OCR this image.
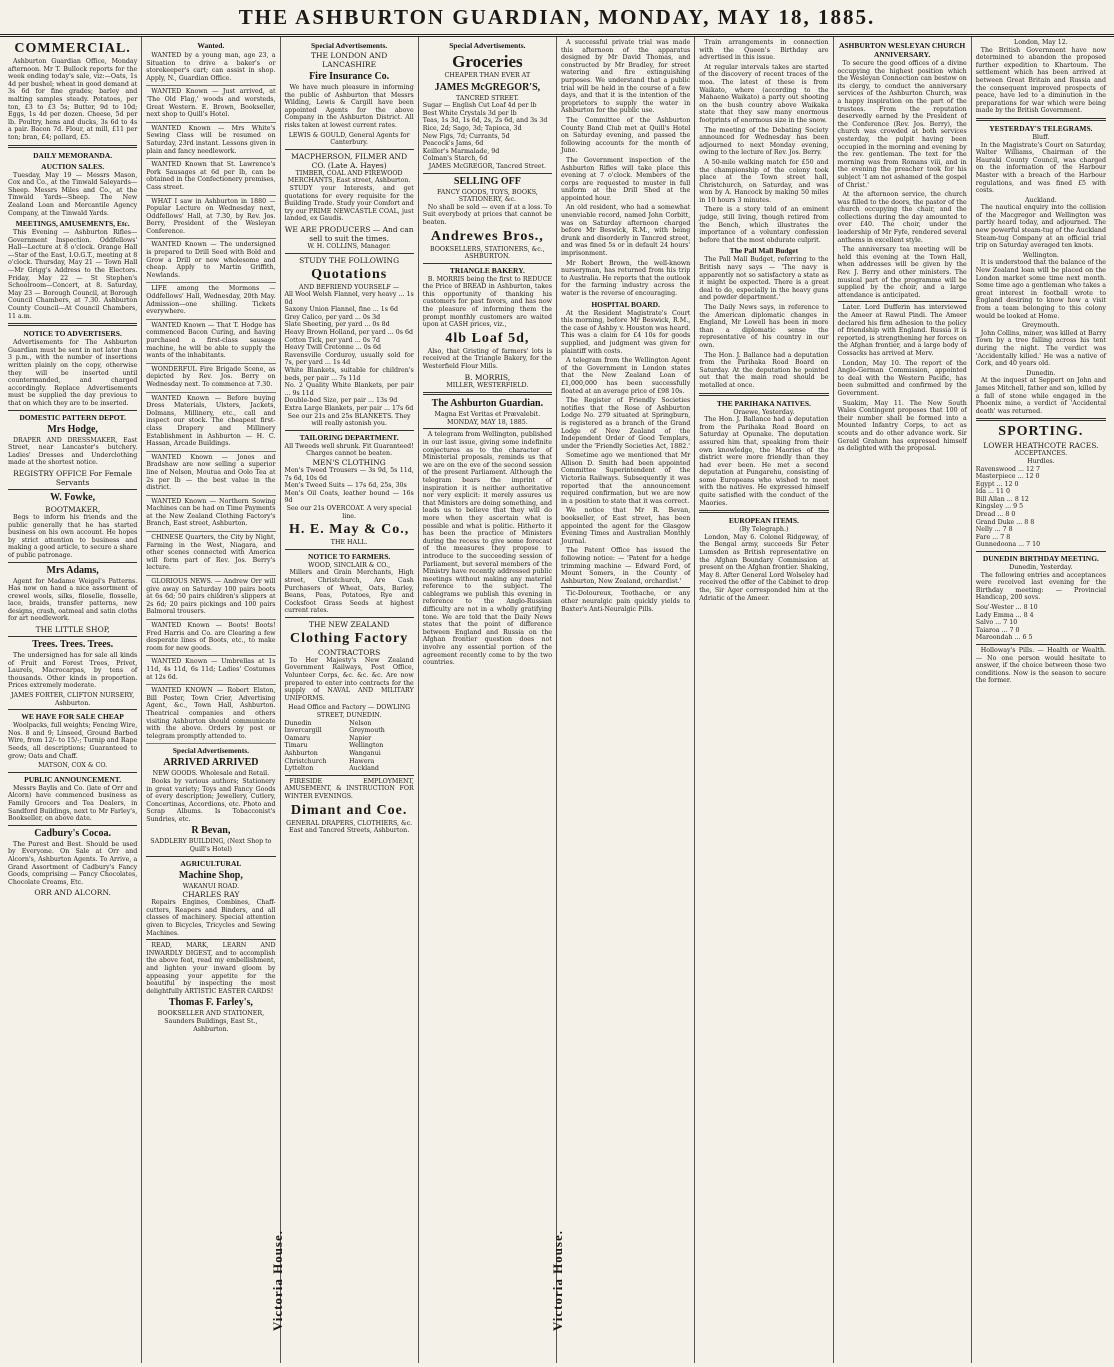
THE ASHBURTON GUARDIAN, MONDAY, MAY 18, 1885.
COMMERCIAL.

Ashburton Guardian Office, Monday afternoon. Mr T. Bullock reports for the week ending today's sale, viz:—Oats, 1s 4d per bushel; wheat in good demand at 3s 6d for fine grades; barley and malting samples steady. Potatoes, per ton, £3 to £3 5s; Butter, 9d to 10d; Eggs, 1s 4d per dozen. Cheese, 5d per lb. Poultry, hens and ducks, 3s 6d to 4s a pair. Bacon 7d. Flour, at mill, £11 per ton; bran, £4; pollard, £5.

DAILY MEMORANDA.
AUCTION SALES.

Tuesday, May 19 — Messrs Mason, Cox and Co., at the Tinwald Saleyards—Sheep. Messrs Miles and Co., at the Tinwald Yards—Sheep. The New Zealand Loan and Mercantile Agency Company, at the Tinwald Yards.

MEETINGS, AMUSEMENTS, Etc.

This Evening — Ashburton Rifles—Government Inspection. Oddfellows' Hall—Lecture at 8 o'clock. Orange Hall—Star of the East, I.O.G.T., meeting at 8 o'clock. Thursday, May 21 — Town Hall—Mr Grigg's Address to the Electors. Friday, May 22 — St Stephen's Schoolroom—Concert, at 8. Saturday, May 23 — Borough Council, at Borough Council Chambers, at 7.30. Ashburton County Council—At Council Chambers, 11 a.m.

NOTICE TO ADVERTISERS.

Advertisements for The Ashburton Guardian must be sent in not later than 3 p.m., with the number of insertions written plainly on the copy, otherwise they will be inserted until countermanded, and charged accordingly. Replace Advertisements must be supplied the day previous to that on which they are to be inserted.

DOMESTIC PATTERN DEPOT.
Mrs Hodge,

DRAPER AND DRESSMAKER, East Street, near Lancaster's butchery. Ladies' Dresses and Underclothing made at the shortest notice.

REGISTRY OFFICE For Female Servants
W. Fowke,
BOOTMAKER,

Begs to inform his friends and the public generally that he has started business on his own account. He hopes by strict attention to business and making a good article, to secure a share of public patronage.

Mrs Adams,

Agent for Madame Weigel's Patterns. Has now on hand a nice assortment of crewel wools, silks, filoselle, flosselle, lace, braids, transfer patterns, new designs, crash, oatmeal and satin cloths for art needlework.

THE LITTLE SHOP,
Trees. Trees. Trees.

The undersigned has for sale all kinds of Fruit and Forest Trees, Privet, Laurels, Macrocarpas, by tens of thousands. Other kinds in proportion. Prices extremely moderate.

JAMES FORTER, CLIFTON NURSERY, Ashburton.
WE HAVE FOR SALE CHEAP

Woolpacks, full weights; Fencing Wire, Nos. 8 and 9; Linseed, Ground Barbed Wire, from 12/- to 15/-; Turnip and Rape Seeds, all descriptions; Guaranteed to grow; Oats and Chaff.

MATSON, COX & CO.
PUBLIC ANNOUNCEMENT.

Messrs Baylis and Co. (late of Orr and Alcorn) have commenced business as Family Grocers and Tea Dealers, in Sandford Buildings, next to Mr Farley's, Bookseller, on above date.

Cadbury's Cocoa.

The Purest and Best. Should be used by Everyone. On Sale at Orr and Alcorn's, Ashburton Agents. To Arrive, a Grand Assortment of Cadbury's Fancy Goods, comprising — Fancy Chocolates, Chocolate Creams, Etc.

ORR AND ALCORN.
Wanted.

WANTED by a young man, age 23, a Situation to drive a baker's or storekeeper's cart; can assist in shop. Apply, N., Guardian Office.

WANTED Known — Just arrived, at 'The Old Flag,' woods and worsteds, Great Western. E. Brown, Bookseller, next shop to Quill's Hotel.

WANTED Known — Mrs White's Sewing Class will be resumed on Saturday, 23rd instant. Lessons given in plain and fancy needlework.

WANTED Known that St. Lawrence's Pork Sausages at 6d per lb, can be obtained in the Confectionery premises, Cass street.

WHAT I saw in Ashburton in 1880 — Popular Lecture on Wednesday next, Oddfellows' Hall, at 7.30, by Rev. Jos. Berry, President of the Wesleyan Conference.

WANTED Known — The undersigned is prepared to Drill Seed with Bold and Grow a Drill or new wholesome and cheap. Apply to Martin Griffith, Newlands.

LIFE among the Mormons — Oddfellows' Hall, Wednesday, 20th May. Admission—one shilling. Tickets everywhere.

WANTED Known — That T. Hodge has commenced Bacon Curing, and having purchased a first-class sausage machine, he will be able to supply the wants of the inhabitants.

WONDERFUL Fire Brigade Scene, as depicted by Rev. Jos. Berry on Wednesday next. To commence at 7.30.

WANTED Known — Before buying Dress Materials, Ulsters, Jackets, Dolmans, Millinery, etc., call and inspect our stock. The cheapest first-class Drapery and Millinery Establishment in Ashburton — H. C. Hassan, Arcade Buildings.

WANTED Known — Jones and Bradshaw are now selling a superior line of Nelson, Moutua and Oolo Tea at 2s per lb — the best value in the district.

WANTED Known — Northern Sowing Machines can be had on Time Payments at the New Zealand Clothing Factory's Branch, East street, Ashburton.

CHINESE Quarters, the City by Night, Farming in the West, Niagara, and other scenes connected with America will form part of Rev. Jos. Berry's lecture.

GLORIOUS NEWS. — Andrew Orr will give away on Saturday 100 pairs boots at 6s 6d; 50 pairs children's slippers at 2s 6d; 20 pairs pickings and 100 pairs Balmoral trousers.

WANTED Known — Boots! Boots! Fred Harris and Co. are Clearing a few desperate lines of Boots, etc., to make room for new goods.

WANTED Known — Umbrellas at 1s 11d, 4s 11d, 6s 11d; Ladies' Costumes at 12s 6d.

WANTED KNOWN — Robert Elston, Bill Poster, Town Crier, Advertising Agent, &c., Town Hall, Ashburton. Theatrical companies and others visiting Ashburton should communicate with the above. Orders by post or telegram promptly attended to.

Special Advertisements.
ARRIVED ARRIVED
NEW GOODS. Wholesale and Retail.

Books by various authors; Stationery in great variety; Toys and Fancy Goods of every description; Jewellery, Cutlery, Concertinas, Accordions, etc. Photo and Scrap Albums. Is Tobacconist's Sundries, etc.

R Bevan,
SADDLERY BUILDING, (Next Shop to Quill's Hotel)
AGRICULTURAL
Machine Shop,
WAKANUI ROAD.
CHARLES RAY

Repairs Engines, Combines, Chaff-cutters, Reapers and Binders, and all classes of machinery. Special attention given to Bicycles, Tricycles and Sewing Machines.

READ, MARK, LEARN AND INWARDLY DIGEST, and to accomplish the above feat, read my embellishment, and lighten your inward gloom by appeasing your appetite for the beautiful by inspecting the most delightfully ARTISTIC EASTER CARDS!

Thomas F. Farley's,
BOOKSELLER AND STATIONER, Saunders Buildings, East St., Ashburton.
Special Advertisements.
THE LONDON AND LANCASHIRE
Fire Insurance Co.

We have much pleasure in informing the public of Ashburton that Messrs Wilding, Lewis & Cargill have been appointed Agents for the above Company in the Ashburton District. All risks taken at lowest current rates.

LEWIS & GOULD, General Agents for Canterbury.
MACPHERSON, FILMER AND CO. (Late A. Hayes)
TIMBER, COAL AND FIREWOOD MERCHANTS, East street, Ashburton.

STUDY your Interests, and get quotations for every requisite for the Building Trade. Study your Comfort and try our PRIME NEWCASTLE COAL, just landed, ex Gaudis.

WE ARE PRODUCERS — And can sell to suit the times.
W. H. COLLINS, Manager.
STUDY THE FOLLOWING
Quotations
AND BEFRIEND YOURSELF —
All Wool Welsh Flannel, very heavy ... 1s 0d
Saxony Union Flannel, fine ... 1s 6d
Grey Calico, per yard ... 0s 3d
Slate Sheeting, per yard ... 0s 8d
Heavy Brown Holland, per yard ... 0s 6d
Cotton Tick, per yard ... 0s 7d
Heavy Twill Cretonne ... 0s 6d
Ravensville Corduroy, usually sold for 7s, per yard ... 1s 4d
White Blankets, suitable for children's beds, per pair ... 7s 11d
No. 2 Quality White Blankets, per pair ... 9s 11d
Double-bed Size, per pair ... 13s 9d
Extra Large Blankets, per pair ... 17s 6d
See our 21s and 25s BLANKETS. They will really astonish you.
TAILORING DEPARTMENT.
All Tweeds well shrunk. Fit Guaranteed! Charges cannot be beaten.
MEN'S CLOTHING
Men's Tweed Trousers — 3s 9d, 5s 11d, 7s 6d, 10s 6d
Men's Tweed Suits — 17s 6d, 25s, 30s
Men's Oil Coats, leather bound — 16s 9d
See our 21s OVERCOAT. A very special line.
H. E. May & Co.,
THE HALL.
NOTICE TO FARMERS.
WOOD, SINCLAIR & CO.,

Millers and Grain Merchants, High street, Christchurch, Are Cash Purchasers of Wheat, Oats, Barley, Beans, Peas, Potatoes, Rye and Cocksfoot Grass Seeds at highest current rates.

THE NEW ZEALAND
Clothing Factory
CONTRACTORS

To Her Majesty's New Zealand Government Railways, Post Office, Volunteer Corps, &c. &c. &c. Are now prepared to enter into contracts for the supply of NAVAL AND MILITARY UNIFORMS.

Head Office and Factory — DOWLING STREET, DUNEDIN.
Dunedin	Nelson
Invercargill	Greymouth
Oamaru	Napier
Timaru	Wellington
Ashburton	Wanganui
Christchurch	Hawera
Lyttelton	Auckland

FIRESIDE EMPLOYMENT, AMUSEMENT, & INSTRUCTION FOR WINTER EVENINGS.

Dimant and Coe.
GENERAL DRAPERS, CLOTHIERS, &c. East and Tancred Streets, Ashburton.
Special Advertisements.
Groceries
CHEAPER THAN EVER AT
JAMES McGREGOR'S,
TANCRED STREET.
Sugar — English Cut Loaf 4d per lb
Best White Crystals 3d per lb
Teas, 1s 3d, 1s 6d, 2s, 2s 6d, and 3s 3d
Rice, 2d; Sago, 3d; Tapioca, 3d
New Figs, 7d; Currants, 5d
Peacock's Jams, 6d
Keiller's Marmalade, 9d
Colman's Starch, 6d
JAMES McGREGOR, Tancred Street.
SELLING OFF
FANCY GOODS, TOYS, BOOKS, STATIONERY, &c.

No shall be sold — even if at a loss. To Suit everybody at prices that cannot be beaten.

Andrewes Bros.,
BOOKSELLERS, STATIONERS, &c., ASHBURTON.
TRIANGLE BAKERY.

B. MORRIS being the first to REDUCE the Price of BREAD in Ashburton, takes this opportunity of thanking his customers for past favors, and has now the pleasure of informing them the prompt monthly customers are waited upon at CASH prices, viz.,

4lb Loaf 5d,

Also, that Gristing of farmers' lots is received at the Triangle Bakery, for the Westerfield Flour Mills.

B. MORRIS,
MILLER, WESTERFIELD.
The Ashburton Guardian.
Magna Est Veritas et Prævalebit.
MONDAY, MAY 18, 1885.

A telegram from Wellington, published in our last issue, giving some indefinite conjectures as to the character of Ministerial proposals, reminds us that we are on the eve of the second session of the present Parliament. Although the telegram bears the imprint of inspiration it is neither authoritative nor very explicit: it merely assures us that Ministers are doing something, and leads us to believe that they will do more when they ascertain what is possible and what is politic. Hitherto it has been the practice of Ministers during the recess to give some forecast of the measures they propose to introduce to the succeeding session of Parliament, but several members of the Ministry have recently addressed public meetings without making any material reference to the subject. The cablegrams we publish this evening in reference to the Anglo-Russian difficulty are not in a wholly gratifying tone. We are told that the Daily News states that the point of difference between England and Russia on the Afghan frontier question does not involve any essential portion of the agreement recently come to by the two countries.

A successful private trial was made this afternoon of the apparatus designed by Mr David Thomas, and constructed by Mr Bradley, for street watering and fire extinguishing purposes. We understand that a public trial will be held in the course of a few days, and that it is the intention of the proprietors to supply the water in Ashburton for the public use.

The Committee of the Ashburton County Band Club met at Quill's Hotel on Saturday evening, and passed the following accounts for the month of June.

The Government inspection of the Ashburton Rifles will take place this evening at 7 o'clock. Members of the corps are requested to muster in full uniform at the Drill Shed at the appointed hour.

An old resident, who had a somewhat unenviable record, named John Corbitt, was on Saturday afternoon charged before Mr Beswick, R.M., with being drunk and disorderly in Tancred street, and was fined 5s or in default 24 hours' imprisonment.

Mr Robert Brown, the well-known nurseryman, has returned from his trip to Australia. He reports that the outlook for the farming industry across the water is the reverse of encouraging.

HOSPITAL BOARD.

At the Resident Magistrate's Court this morning, before Mr Beswick, R.M., the case of Ashby v. Houston was heard. This was a claim for £4 10s for goods supplied, and judgment was given for plaintiff with costs.

A telegram from the Wellington Agent of the Government in London states that the New Zealand Loan of £1,000,000 has been successfully floated at an average price of £98 10s.

The Register of Friendly Societies notifies that the Rose of Ashburton Lodge No. 279 situated at Springburn, is registered as a branch of the Grand Lodge of New Zealand of the Independent Order of Good Templars, under the 'Friendly Societies Act, 1882.'

Sometime ago we mentioned that Mr Allison D. Smith had been appointed Committee Superintendent of the Victoria Railways. Subsequently it was reported that the announcement required confirmation, but we are now in a position to state that it was correct.

We notice that Mr R. Bevan, bookseller, of East street, has been appointed the agent for the Glasgow Evening Times and Australian Monthly Journal.

The Patent Office has issued the following notice: — 'Patent for a hedge trimming machine — Edward Ford, of Mount Somers, in the County of Ashburton, New Zealand, orchardist.'

Tic-Doloureux, Toothache, or any other neuralgic pain quickly yields to Baxter's Anti-Neuralgic Pills.

Train arrangements in connection with the Queen's Birthday are advertised in this issue.

At regular intervals takes are started of the discovery of recent traces of the moa. The latest of these is from Waikato, where (according to the Mahaeno Waikato) a party out shooting on the bush country above Waikaka state that they saw many enormous footprints of enormous size in the snow.

The meeting of the Debating Society announced for Wednesday has been adjourned to next Monday evening, owing to the lecture of Rev. Jos. Berry.

A 50-mile walking match for £50 and the championship of the colony took place at the Town street hall, Christchurch, on Saturday, and was won by A. Hancock by making 50 miles in 10 hours 3 minutes.

There is a story told of an eminent judge, still living, though retired from the Bench, which illustrates the importance of a voluntary confession before that the most obdurate culprit.

The Pall Mall Budget

The Pall Mall Budget, referring to the British navy says — 'The navy is apparently not so satisfactory a state as it might be expected. There is a great deal to do, especially in the heavy guns and powder department.'

The Daily News says, in reference to the American diplomatic changes in England, Mr Lowell has been in more than a diplomatic sense the representative of his country in our own.

The Hon. J. Ballance had a deputation from the Parihaka Road Board on Saturday. At the deputation he pointed out that the main road should be metalled at once.

THE PARIHAKA NATIVES.
Oraewe, Yesterday.

The Hon. J. Ballance had a deputation from the Parihaka Road Board on Saturday at Opunake. The deputation assured him that, speaking from their own knowledge, the Maories of the district were more friendly than they had ever been. He met a second deputation at Pungarehu, consisting of some Europeans who wished to meet with the natives. He expressed himself quite satisfied with the conduct of the Maories.

EUROPEAN ITEMS.
(By Telegraph.)

London, May 6. Colonel Ridgeway, of the Bengal army, succeeds Sir Peter Lumsden as British representative on the Afghan Boundary Commission at present on the Afghan frontier. Shaking, May 8. After General Lord Wolseley had received the offer of the Cabinet to drop the, Sir Ager corresponded him at the Adriatic of the Ameer.

ASHBURTON WESLEYAN CHURCH ANNIVERSARY.

To secure the good offices of a divine occupying the highest position which the Wesleyan Connection can bestow on its clergy, to conduct the anniversary services of the Ashburton Church, was a happy inspiration on the part of the trustees. From the reputation deservedly earned by the President of the Conference (Rev. Jos. Berry), the church was crowded at both services yesterday, the pulpit having been occupied in the morning and evening by the rev. gentleman. The text for the morning was from Romans viii, and in the evening the preacher took for his subject 'I am not ashamed of the gospel of Christ.'

At the afternoon service, the church was filled to the doors, the pastor of the church occupying the chair, and the collections during the day amounted to over £40. The choir, under the leadership of Mr Fyfe, rendered several anthems in excellent style.

The anniversary tea meeting will be held this evening at the Town Hall, when addresses will be given by the Rev. J. Berry and other ministers. The musical part of the programme will be supplied by the choir, and a large attendance is anticipated.

Later. Lord Dufferin has interviewed the Ameer at Rawul Pindi. The Ameer declared his firm adhesion to the policy of friendship with England. Russia it is reported, is strengthening her forces on the Afghan frontier, and a large body of Cossacks has arrived at Merv.

London, May 10. The report of the Anglo-German Commission, appointed to deal with the Western Pacific, has been submitted and confirmed by the Government.

Suakim, May 11. The New South Wales Contingent proposes that 100 of their number shall be formed into a Mounted Infantry Corps, to act as scouts and do other advance work. Sir Gerald Graham has expressed himself as delighted with the proposal.

London, May 12.

The British Government have now determined to abandon the proposed further expedition to Khartoum. The settlement which has been arrived at between Great Britain and Russia and the consequent improved prospects of peace, have led to a diminution in the preparations for war which were being made by the British Government.

YESTERDAY'S TELEGRAMS.
Bluff.

In the Magistrate's Court on Saturday, Walter Williams, Chairman of the Hauraki County Council, was charged on the information of the Harbour Master with a breach of the Harbour regulations, and was fined £5 with costs.

Auckland.

The nautical enquiry into the collision of the Macgregor and Wellington was partly heard today, and adjourned. The new powerful steam-tug of the Auckland Steam-tug Company at an official trial trip on Saturday averaged ten knots.

Wellington.

It is understood that the balance of the New Zealand loan will be placed on the London market some time next month. Some time ago a gentleman who takes a great interest in football wrote to England desiring to know how a visit from a team belonging to this colony would be looked at Home.

Greymouth.

John Collins, miner, was killed at Barry Town by a tree falling across his tent during the night. The verdict was 'Accidentally killed.' He was a native of Cork, and 40 years old.

Dunedin.

At the inquest at Seppert on John and James Mitchell, father and son, killed by a fall of stone while engaged in the Phoenix mine, a verdict of 'Accidental death' was returned.

SPORTING.
LOWER HEATHCOTE RACES.
ACCEPTANCES.
Hurdles.
Ravenswood ... 12 7
Masterpiece ... 12 0
Egypt ... 12 0
Ida ... 11 0
Bill Allan ... 8 12
Kingsley ... 9 5
Dread ... 8 0
Grand Duke ... 8 8
Nelly ... 7 8
Fare ... 7 8
Gunnedoona ... 7 10
DUNEDIN BIRTHDAY MEETING.
Dunedin, Yesterday.

The following entries and acceptances were received last evening for the Birthday meeting: — Provincial Handicap, 200 sovs.

Sou'-Wester ... 8 10
Lady Emma ... 8 4
Salvo ... 7 10
Taiaroa ... 7 0
Maroondah ... 6 5

Holloway's Pills. — Health or Wealth. — No one person would hesitate to answer, if the choice between those two conditions. Now is the season to secure the former.

Victoria House.	Victoria House.
